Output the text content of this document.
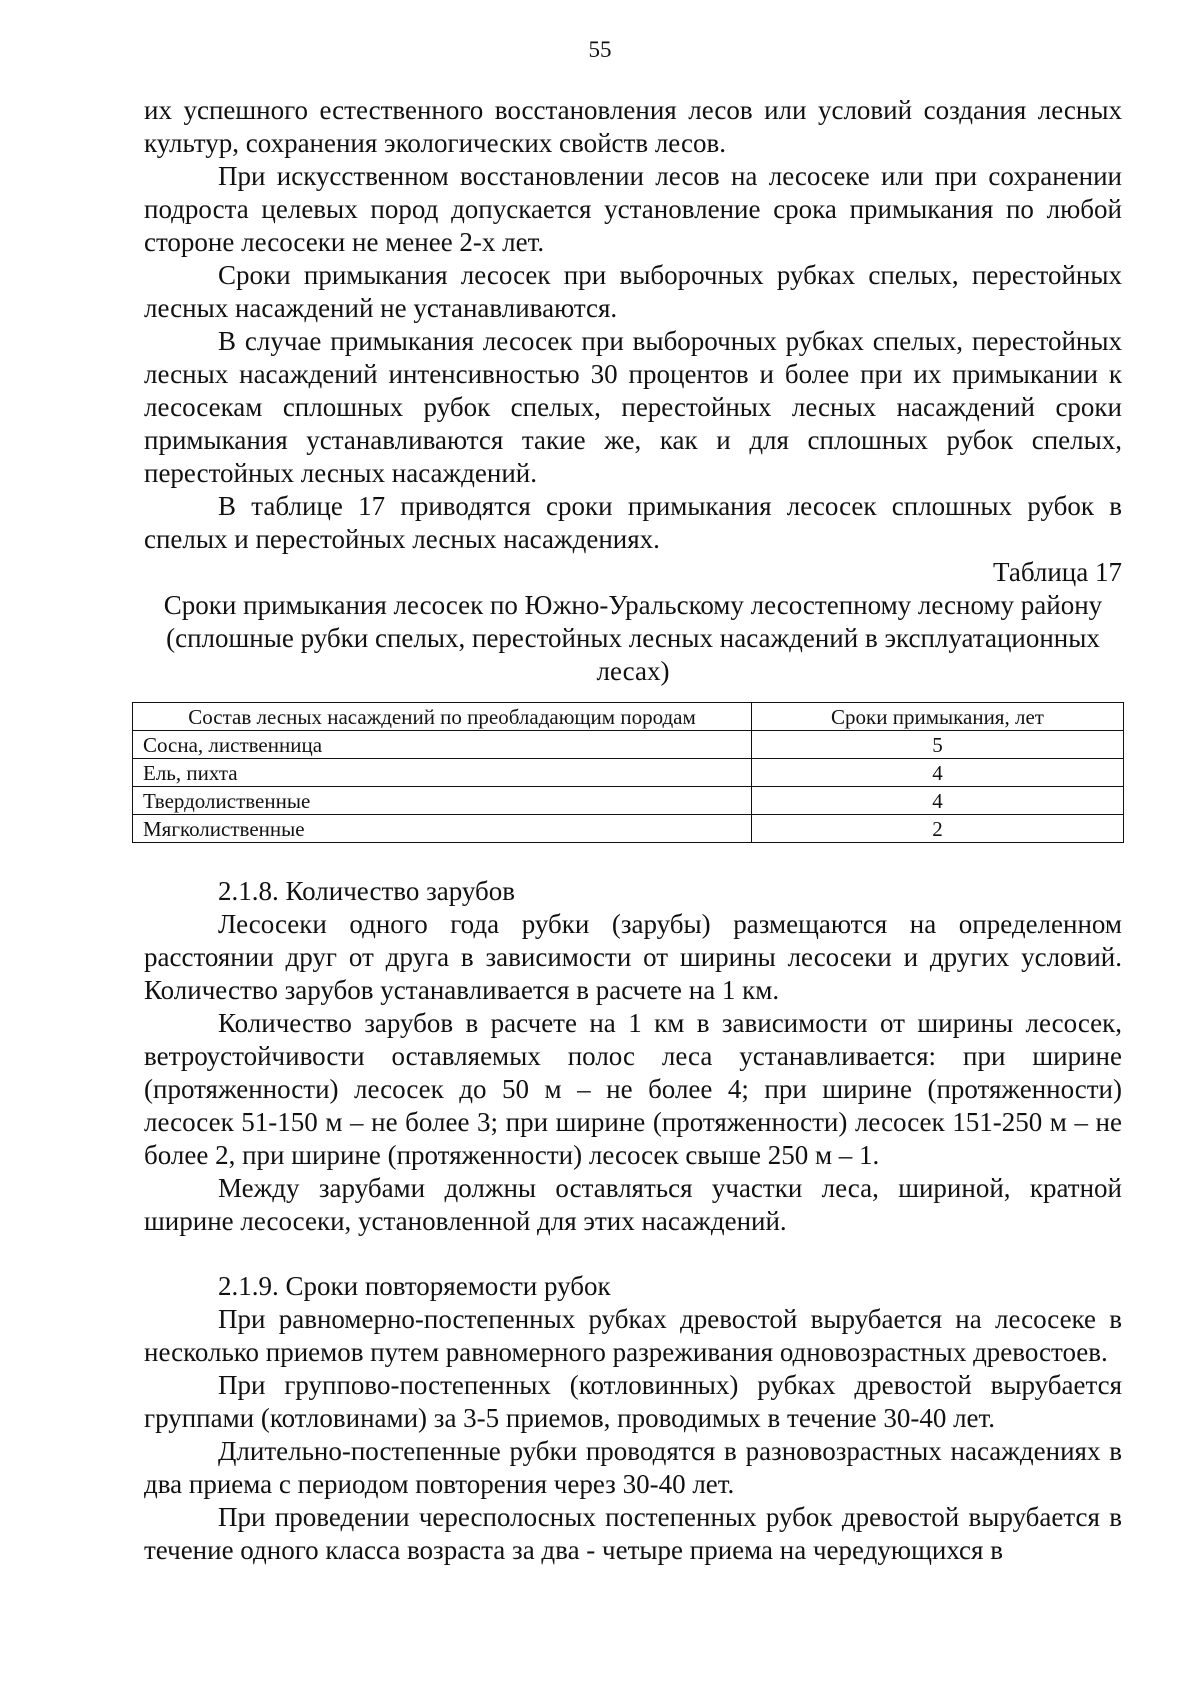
55

их успешного естественного восстановления лесов или условий создания лесных культур, сохранения экологических свойств лесов.

При искусственном восстановлении лесов на лесосеке или при сохранении подроста целевых пород допускается установление срока примыкания по любой стороне лесосеки не менее 2-х лет.

Сроки примыкания лесосек при выборочных рубках спелых, перестойных лесных насаждений не устанавливаются.

В случае примыкания лесосек при выборочных рубках спелых, перестойных лесных насаждений интенсивностью 30 процентов и более при их примыкании к лесосекам сплошных рубок спелых, перестойных лесных насаждений сроки примыкания устанавливаются такие же, как и для сплошных рубок спелых, перестойных лесных насаждений.

В таблице 17 приводятся сроки примыкания лесосек сплошных рубок в спелых и перестойных лесных насаждениях.

Таблица 17

Сроки примыкания лесосек по Южно-Уральскому лесостепному лесному району (сплошные рубки спелых, перестойных лесных насаждений в эксплуатационных лесах)

Состав лесных насаждений по преобладающим породам	Сроки примыкания, лет
Сосна, лиственница	5
Ель, пихта	4
Твердолиственные	4
Мягколиственные	2

2.1.8. Количество зарубов

Лесосеки одного года рубки (зарубы) размещаются на определенном расстоянии друг от друга в зависимости от ширины лесосеки и других условий. Количество зарубов устанавливается в расчете на 1 км.

Количество зарубов в расчете на 1 км в зависимости от ширины лесосек, ветроустойчивости оставляемых полос леса устанавливается: при ширине (протяженности) лесосек до 50 м – не более 4; при ширине (протяженности) лесосек 51-150 м – не более 3; при ширине (протяженности) лесосек 151-250 м – не более 2, при ширине (протяженности) лесосек свыше 250 м – 1.

Между зарубами должны оставляться участки леса, шириной, кратной ширине лесосеки, установленной для этих насаждений.

2.1.9. Сроки повторяемости рубок

При равномерно-постепенных рубках древостой вырубается на лесосеке в несколько приемов путем равномерного разреживания одновозрастных древостоев.

При группово-постепенных (котловинных) рубках древостой вырубается группами (котловинами) за 3-5 приемов, проводимых в течение 30-40 лет.

Длительно-постепенные рубки проводятся в разновозрастных насаждениях в два приема с периодом повторения через 30-40 лет.

При проведении чересполосных постепенных рубок древостой вырубается в течение одного класса возраста за два - четыре приема на чередующихся в
